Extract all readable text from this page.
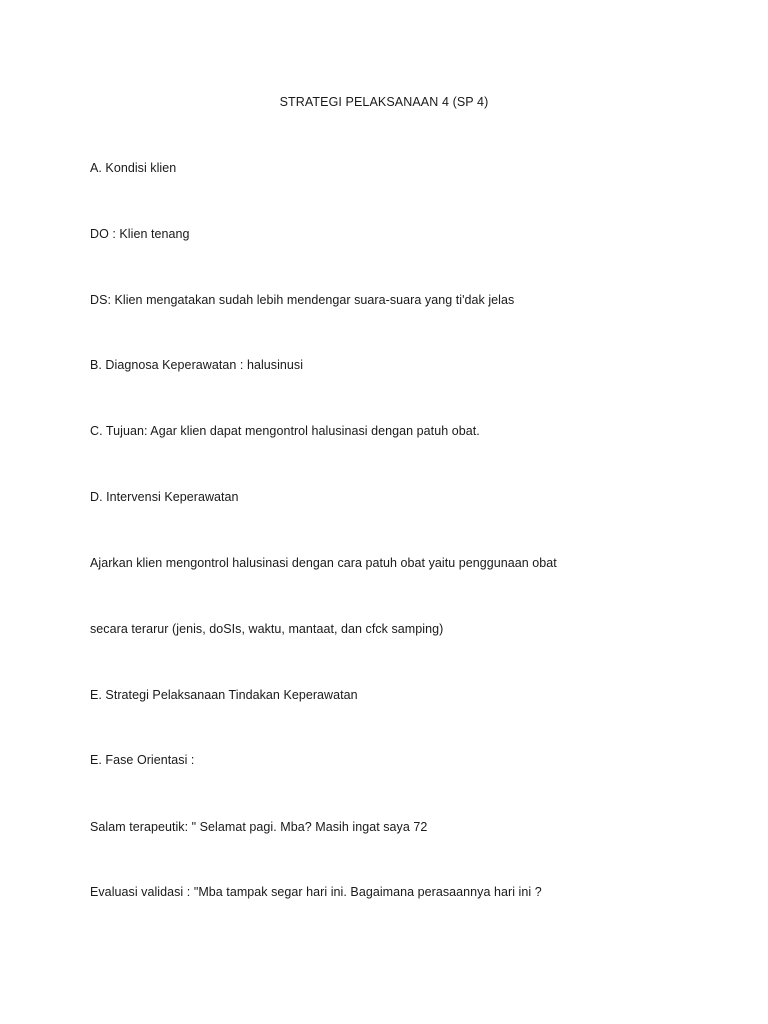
STRATEGI PELAKSANAAN 4 (SP 4)
A. Kondisi klien
DO : Klien tenang
DS: Klien mengatakan sudah lebih mendengar suara-suara yang ti'dak jelas
B. Diagnosa Keperawatan : halusinusi
C. Tujuan: Agar klien dapat mengontrol halusinasi dengan patuh obat.
D. Intervensi Keperawatan
Ajarkan klien mengontrol halusinasi dengan cara patuh obat yaitu penggunaan obat
secara terarur (jenis, doSIs, waktu, mantaat, dan cfck samping)
E. Strategi Pelaksanaan Tindakan Keperawatan
E. Fase Orientasi :
Salam terapeutik: " Selamat pagi. Mba? Masih ingat saya 72
Evaluasi validasi : "Mba tampak segar hari ini. Bagaimana perasaannya hari ini ?
